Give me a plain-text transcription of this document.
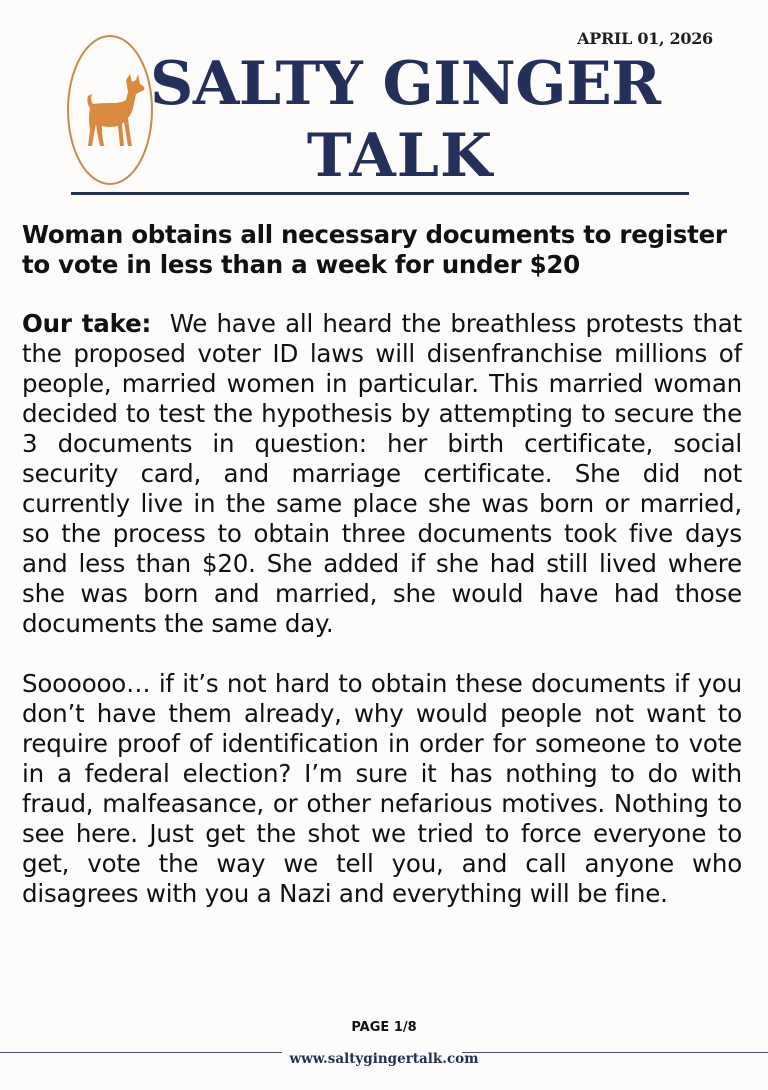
APRIL 01, 2026
SALTY GINGER
TALK
Woman obtains all necessary documents to register to vote in less than a week for under $20

Our take: We have all heard the breathless protests that the proposed voter ID laws will disenfranchise millions of people, married women in particular. This married woman decided to test the hypothesis by attempting to secure the 3 documents in question: her birth certificate, social security card, and marriage certificate. She did not currently live in the same place she was born or married, so the process to obtain three documents took five days and less than $20. She added if she had still lived where she was born and married, she would have had those documents the same day.

Soooooo… if it’s not hard to obtain these documents if you don’t have them already, why would people not want to require proof of identification in order for someone to vote in a federal election? I’m sure it has nothing to do with fraud, malfeasance, or other nefarious motives. Nothing to see here. Just get the shot we tried to force everyone to get, vote the way we tell you, and call anyone who disagrees with you a Nazi and everything will be fine.

PAGE 1/8
www.saltygingertalk.com
